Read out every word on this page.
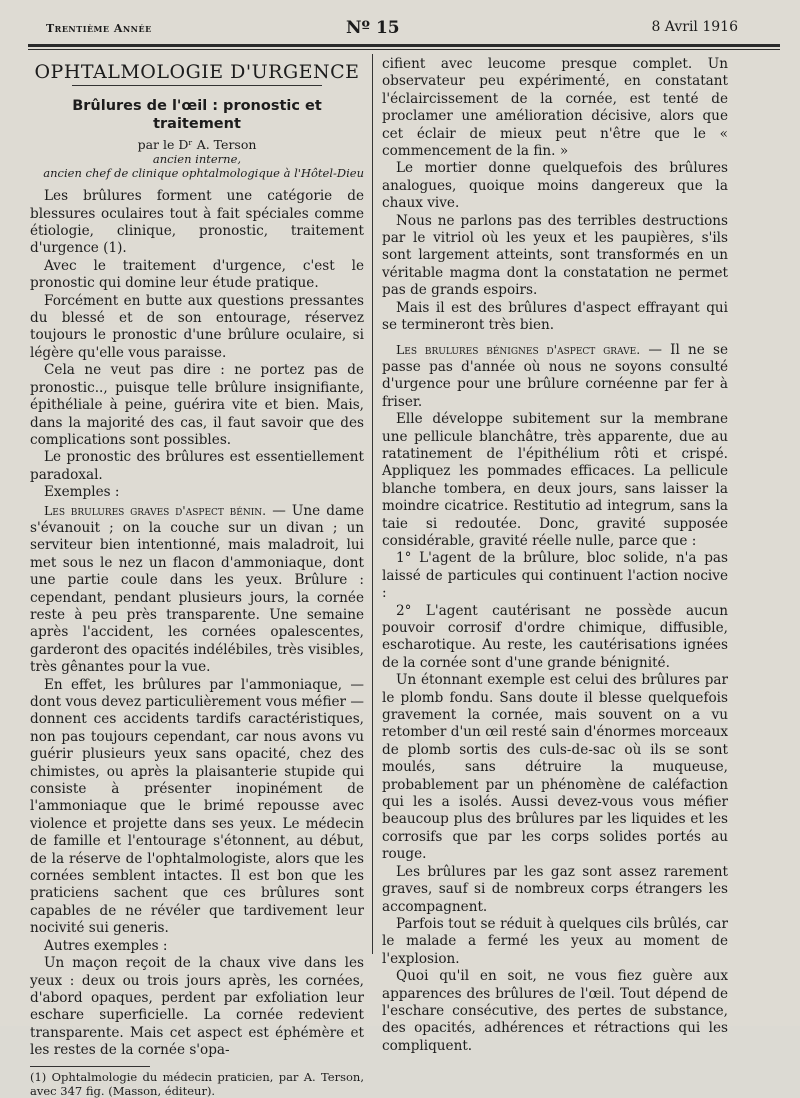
Trentième Année	Nº 15	8 Avril 1916
OPHTALMOLOGIE D'URGENCE
Brûlures de l'œil : pronostic et traitement
par le Dʳ A. Terson
ancien interne,
ancien chef de clinique ophtalmologique à l'Hôtel-Dieu

Les brûlures forment une catégorie de blessures oculaires tout à fait spéciales comme étiologie, clinique, pronostic, traitement d'urgence (1).

Avec le traitement d'urgence, c'est le pronostic qui domine leur étude pratique.

Forcément en butte aux questions pressantes du blessé et de son entourage, réservez toujours le pronostic d'une brûlure oculaire, si légère qu'elle vous paraisse.

Cela ne veut pas dire : ne portez pas de pronostic.., puisque telle brûlure insignifiante, épithéliale à peine, guérira vite et bien. Mais, dans la majorité des cas, il faut savoir que des complications sont possibles.

Le pronostic des brûlures est essentiellement paradoxal.

Exemples :

Les brulures graves d'aspect bénin. — Une dame s'évanouit ; on la couche sur un divan ; un serviteur bien intentionné, mais maladroit, lui met sous le nez un flacon d'ammoniaque, dont une partie coule dans les yeux. Brûlure : cependant, pendant plusieurs jours, la cornée reste à peu près transparente. Une semaine après l'accident, les cornées opalescentes, garderont des opacités indélébiles, très visibles, très gênantes pour la vue.

En effet, les brûlures par l'ammoniaque, — dont vous devez particulièrement vous méfier — donnent ces accidents tardifs caractéristiques, non pas toujours cependant, car nous avons vu guérir plusieurs yeux sans opacité, chez des chimistes, ou après la plaisanterie stupide qui consiste à présenter inopinément de l'ammoniaque que le brimé repousse avec violence et projette dans ses yeux. Le médecin de famille et l'entourage s'étonnent, au début, de la réserve de l'ophtalmologiste, alors que les cornées semblent intactes. Il est bon que les praticiens sachent que ces brûlures sont capables de ne révéler que tardivement leur nocivité sui generis.

Autres exemples :

Un maçon reçoit de la chaux vive dans les yeux : deux ou trois jours après, les cornées, d'abord opaques, perdent par exfoliation leur eschare superficielle. La cornée redevient transparente. Mais cet aspect est éphémère et les restes de la cornée s'opa-

(1) Ophtalmologie du médecin praticien, par A. Terson, avec 347 fig. (Masson, éditeur).

cifient avec leucome presque complet. Un observateur peu expérimenté, en constatant l'éclaircissement de la cornée, est tenté de proclamer une amélioration décisive, alors que cet éclair de mieux peut n'être que le « commencement de la fin. »

Le mortier donne quelquefois des brûlures analogues, quoique moins dangereux que la chaux vive.

Nous ne parlons pas des terribles destructions par le vitriol où les yeux et les paupières, s'ils sont largement atteints, sont transformés en un véritable magma dont la constatation ne permet pas de grands espoirs.

Mais il est des brûlures d'aspect effrayant qui se termineront très bien.

Les brulures bénignes d'aspect grave. — Il ne se passe pas d'année où nous ne soyons consulté d'urgence pour une brûlure cornéenne par fer à friser.

Elle développe subitement sur la membrane une pellicule blanchâtre, très apparente, due au ratatinement de l'épithélium rôti et crispé. Appliquez les pommades efficaces. La pellicule blanche tombera, en deux jours, sans laisser la moindre cicatrice. Restitutio ad integrum, sans la taie si redoutée. Donc, gravité supposée considérable, gravité réelle nulle, parce que :

1° L'agent de la brûlure, bloc solide, n'a pas laissé de particules qui continuent l'action nocive :

2° L'agent cautérisant ne possède aucun pouvoir corrosif d'ordre chimique, diffusible, escharotique. Au reste, les cautérisations ignées de la cornée sont d'une grande bénignité.

Un étonnant exemple est celui des brûlures par le plomb fondu. Sans doute il blesse quelquefois gravement la cornée, mais souvent on a vu retomber d'un œil resté sain d'énormes morceaux de plomb sortis des culs-de-sac où ils se sont moulés, sans détruire la muqueuse, probablement par un phénomène de caléfaction qui les a isolés. Aussi devez-vous vous méfier beaucoup plus des brûlures par les liquides et les corrosifs que par les corps solides portés au rouge.

Les brûlures par les gaz sont assez rarement graves, sauf si de nombreux corps étrangers les accompagnent.

Parfois tout se réduit à quelques cils brûlés, car le malade a fermé les yeux au moment de l'explosion.

Quoi qu'il en soit, ne vous fiez guère aux apparences des brûlures de l'œil. Tout dépend de l'eschare consécutive, des pertes de substance, des opacités, adhérences et rétractions qui les compliquent.
